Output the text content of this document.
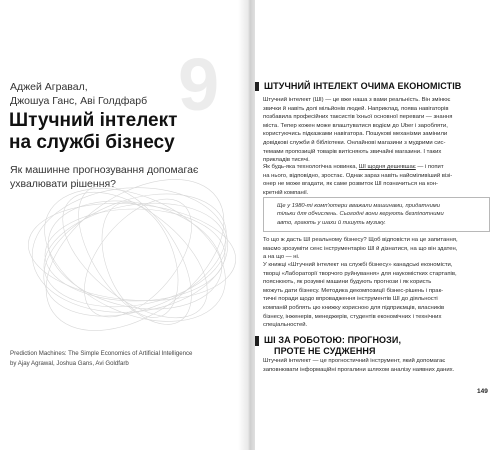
9
Аджей Агравал,
Джошуа Ганс, Аві Голдфарб
Штучний інтелект
на службі бізнесу
Як машинне прогнозування допомагає
ухвалювати рішення?
Prediction Machines: The Simple Economics of Artificial Intelligence
by Ajay Agrawal, Joshua Gans, Avi Goldfarb
ШТУЧНИЙ ІНТЕЛЕКТ ОЧИМА ЕКОНОМІСТІВ
Штучний інтелект (ШІ) — це вже наша з вами реальність. Він змінює
звички й навіть долі мільйонів людей. Наприклад, поява навігаторів
позбавила професійних таксистів їхньої основної переваги — знання
міста. Тепер кожен може влаштуватися водієм до Uber і заробляти,
користуючись підказками навігатора. Пошукові механізми замінили
довідкові служби й бібліотеки. Онлайнові магазини з мудрими сис-
темами пропозицій товарів витісняють звичайні магазини. І таких
прикладів тисячі.
Як будь-яка технологічна новинка, ШІ щодня дешевшає — і попит
на нього, відповідно, зростає. Однак зараз навіть найсміливіший візі-
онер не може вгадати, як саме розвиток ШІ позначиться на кон-
кретній компанії.
Ще у 1980-ті комп'ютери вважали машинами, придатними
тільки для обчислень. Сьогодні вони керують безпілотними
авто, грають у шахи й пишуть музику.
То що ж дасть ШІ реальному бізнесу? Щоб відповісти на це запитання,
маємо зрозуміти сенс інструментарію ШІ й дізнатися, на що він здатен,
а на що — ні.
У книжці «Штучний інтелект на службі бізнесу» канадські економісти,
творці «Лабораторії творчого руйнування» для наукомістких стартапів,
пояснюють, як розумні машини будують прогнози і як користь
можуть дати бізнесу. Методика декомпозиції бізнес-рішень і прак-
тичні поради щодо впровадження інструментів ШІ до діяльності
компаній роблять цю книжку корисною для підприємців, власників
бізнесу, інженерів, менеджерів, студентів економічних і технічних
спеціальностей.
ШІ ЗА РОБОТОЮ: ПРОГНОЗИ,
ПРОТЕ НЕ СУДЖЕННЯ
Штучний інтелект — це прогностичний інструмент, який допомагає
заповнювати інформаційні прогалини шляхом аналізу наявних даних.
149
